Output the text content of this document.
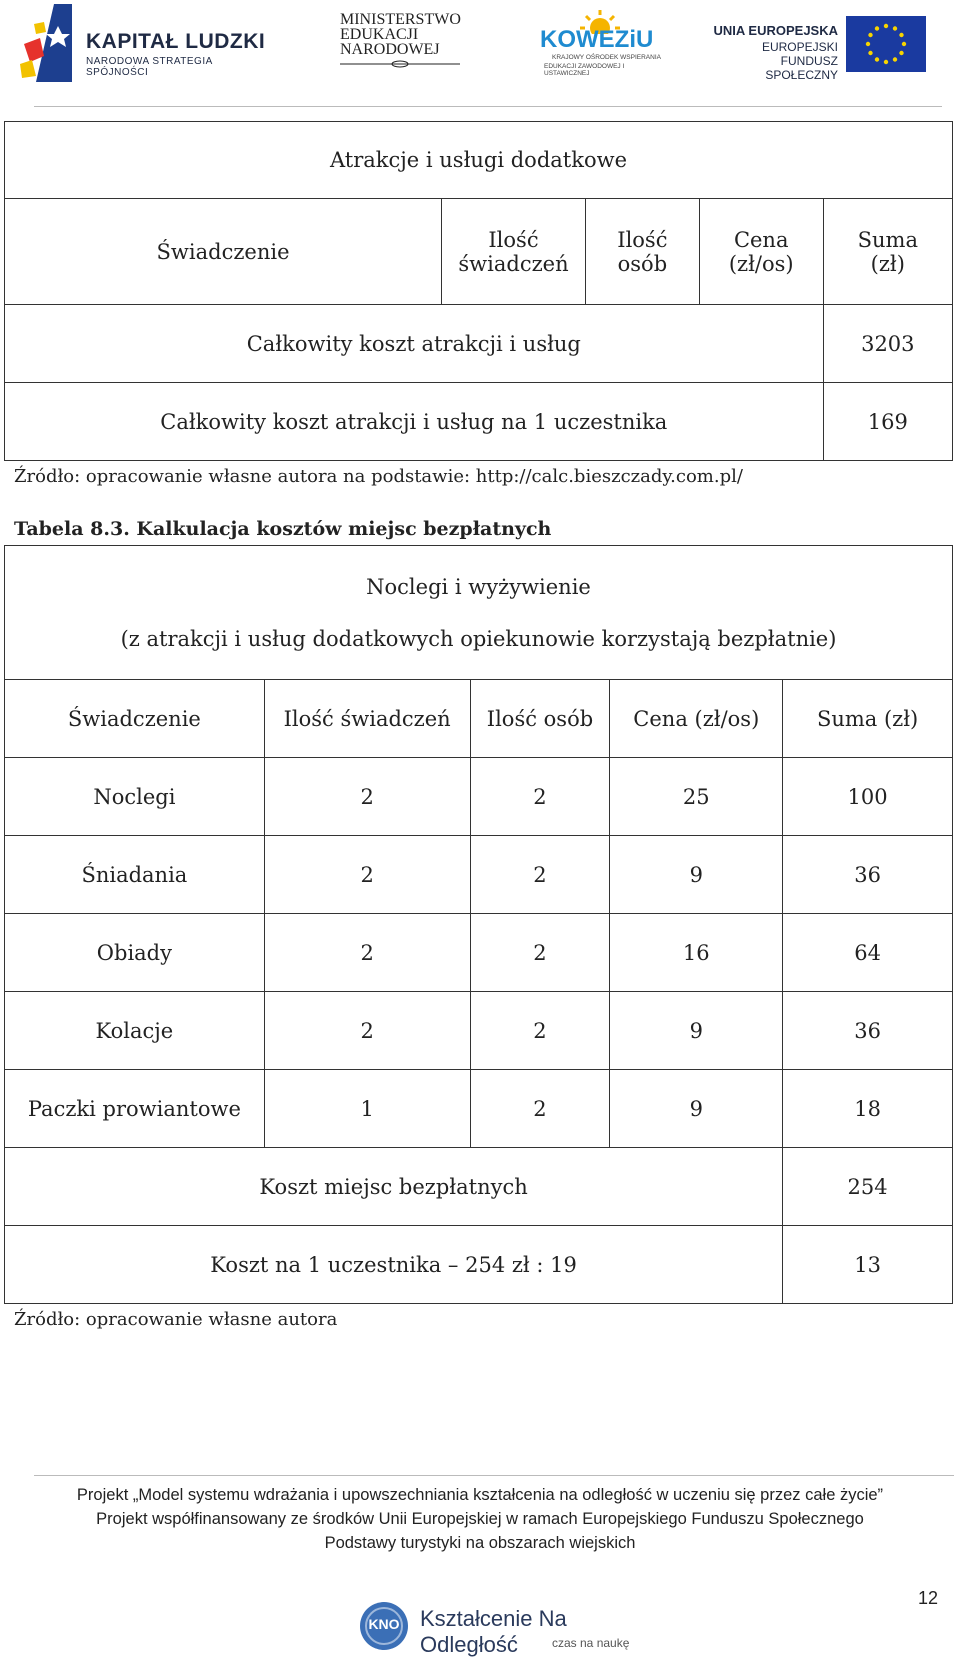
KAPITAŁ LUDZKI
NARODOWA STRATEGIA SPÓJNOŚCI
MINISTERSTWO
EDUKACJI
NARODOWEJ	KOWEZiU
KRAJOWY OŚRODEK WSPIERANIA
EDUKACJI ZAWODOWEJ I USTAWICZNEJ
UNIA EUROPEJSKA
EUROPEJSKI
FUNDUSZ SPOŁECZNY
Atrakcje i usługi dodatkowe				
Świadczenie	Ilość świadczeń	Ilość osób	Cena (zł/os)	Suma (zł)
Całkowity koszt atrakcji i usług				3203
Całkowity koszt atrakcji i usług na 1 uczestnika				169
Źródło: opracowanie własne autora na podstawie: http://calc.bieszczady.com.pl/
Tabela 8.3. Kalkulacja kosztów miejsc bezpłatnych
Noclegi i wyżywienie
(z atrakcji i usług dodatkowych opiekunowie korzystają bezpłatnie)				

Świadczenie	Ilość świadczeń	Ilość osób	Cena (zł/os)	Suma (zł)
Noclegi	2	2	25	100
Śniadania	2	2	9	36
Obiady	2	2	16	64
Kolacje	2	2	9	36
Paczki prowiantowe	1	2	9	18
Koszt miejsc bezpłatnych				254
Koszt na 1 uczestnika – 254 zł : 19				13
Źródło: opracowanie własne autora
Projekt „Model systemu wdrażania i upowszechniania kształcenia na odległość w uczeniu się przez całe życie”
Projekt współfinansowany ze środków Unii Europejskiej w ramach Europejskiego Funduszu Społecznego
Podstawy turystyki na obszarach wiejskich
12
KNO Kształcenie Na Odległość	czas na naukę
